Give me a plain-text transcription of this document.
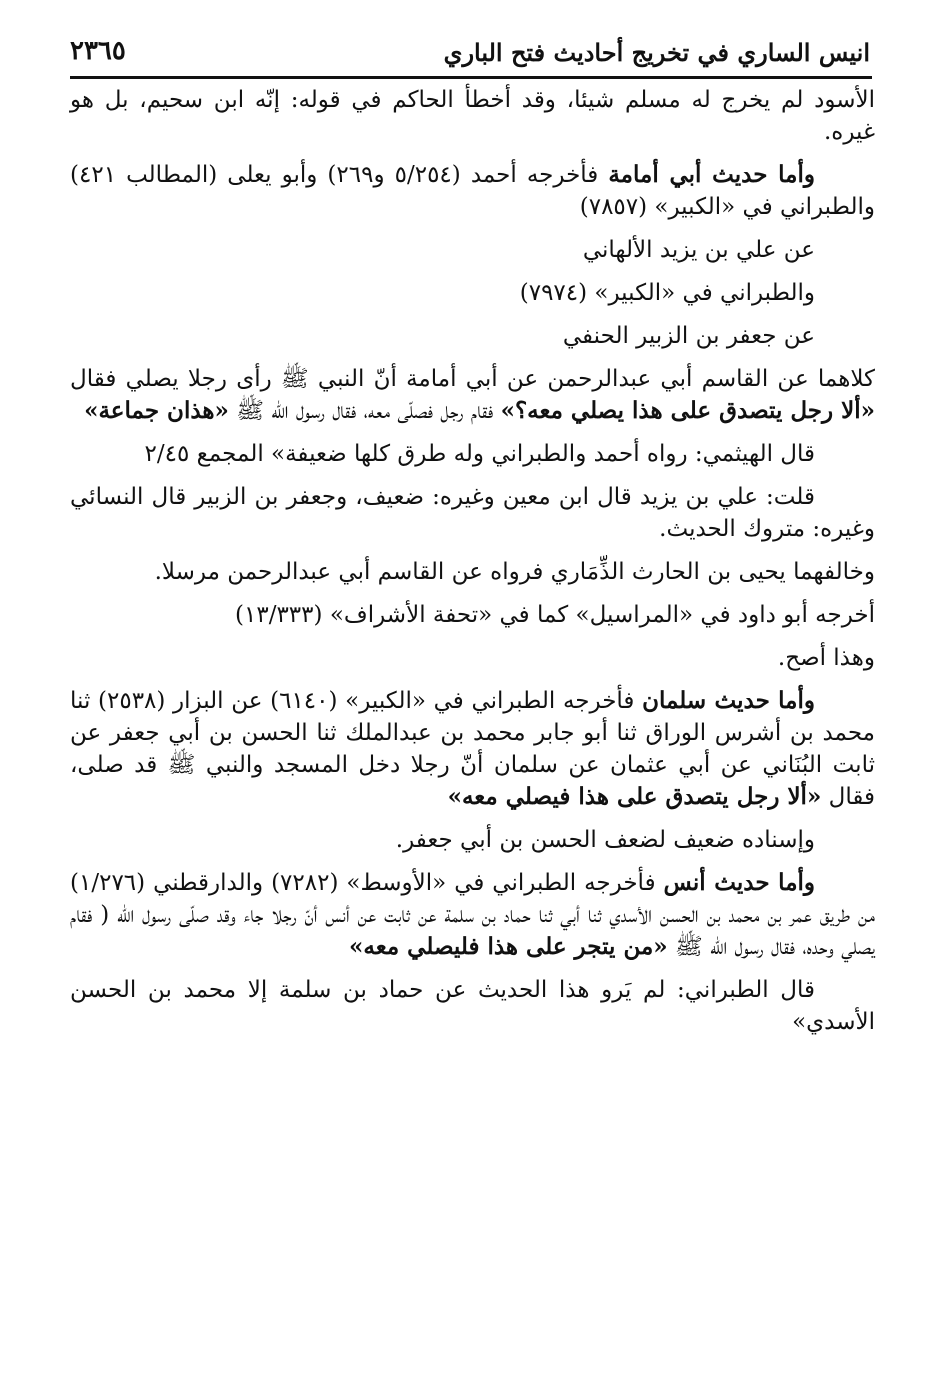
انيس الساري في تخريج أحاديث فتح الباري
٢٣٦٥

الأسود لم يخرج له مسلم شيئا، وقد أخطأ الحاكم في قوله: إنّه ابن سحيم، بل هو غيره.

وأما حديث أبي أمامة فأخرجه أحمد (٥/٢٥٤ و٢٦٩) وأبو يعلى (المطالب ٤٢١) والطبراني في «الكبير» (٧٨٥٧)

عن علي بن يزيد الألهاني

والطبراني في «الكبير» (٧٩٧٤)

عن جعفر بن الزبير الحنفي

كلاهما عن القاسم أبي عبدالرحمن عن أبي أمامة أنّ النبي ﷺ رأى رجلا يصلي فقال «ألا رجل يتصدق على هذا يصلي معه؟» فقام رجل فصلّى معه، فقال رسول الله ﷺ «هذان جماعة»

قال الهيثمي: رواه أحمد والطبراني وله طرق كلها ضعيفة» المجمع ٢/٤٥

قلت: علي بن يزيد قال ابن معين وغيره: ضعيف، وجعفر بن الزبير قال النسائي وغيره: متروك الحديث.

وخالفهما يحيى بن الحارث الذِّمَاري فرواه عن القاسم أبي عبدالرحمن مرسلا.

أخرجه أبو داود في «المراسيل» كما في «تحفة الأشراف» (١٣/٣٣٣)

وهذا أصح.

وأما حديث سلمان فأخرجه الطبراني في «الكبير» (٦١٤٠) عن البزار (٢٥٣٨) ثنا محمد بن أشرس الوراق ثنا أبو جابر محمد بن عبدالملك ثنا الحسن بن أبي جعفر عن ثابت البُنَاني عن أبي عثمان عن سلمان أنّ رجلا دخل المسجد والنبي ﷺ قد صلى، فقال «ألا رجل يتصدق على هذا فيصلي معه»

وإسناده ضعيف لضعف الحسن بن أبي جعفر.

وأما حديث أنس فأخرجه الطبراني في «الأوسط» (٧٢٨٢) والدارقطني (١/٢٧٦) من طريق عمر بن محمد بن الحسن الأسدي ثنا أبي ثنا حماد بن سلمة عن ثابت عن أنس أنّ رجلا جاء وقد صلّى رسول الله ( فقام يصلي وحده، فقال رسول الله ﷺ «من يتجر على هذا فليصلي معه»

قال الطبراني: لم يَرو هذا الحديث عن حماد بن سلمة إلا محمد بن الحسن الأسدي»
